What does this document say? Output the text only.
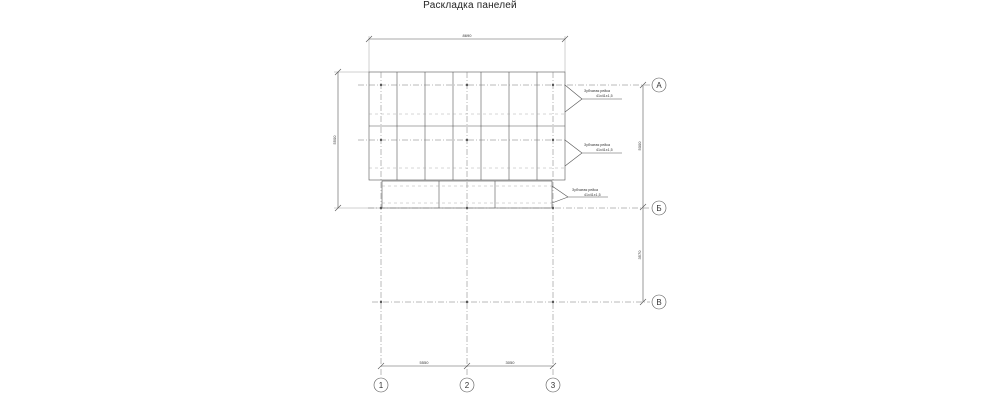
Раскладка панелей
8690
5500
5000
3570
5550	3050
Зубчатая рейка
41х41х1,5
Зубчатая рейка
41х41х1,5
Зубчатая рейка
41х41х1,5
А
Б
В
1	2	3
